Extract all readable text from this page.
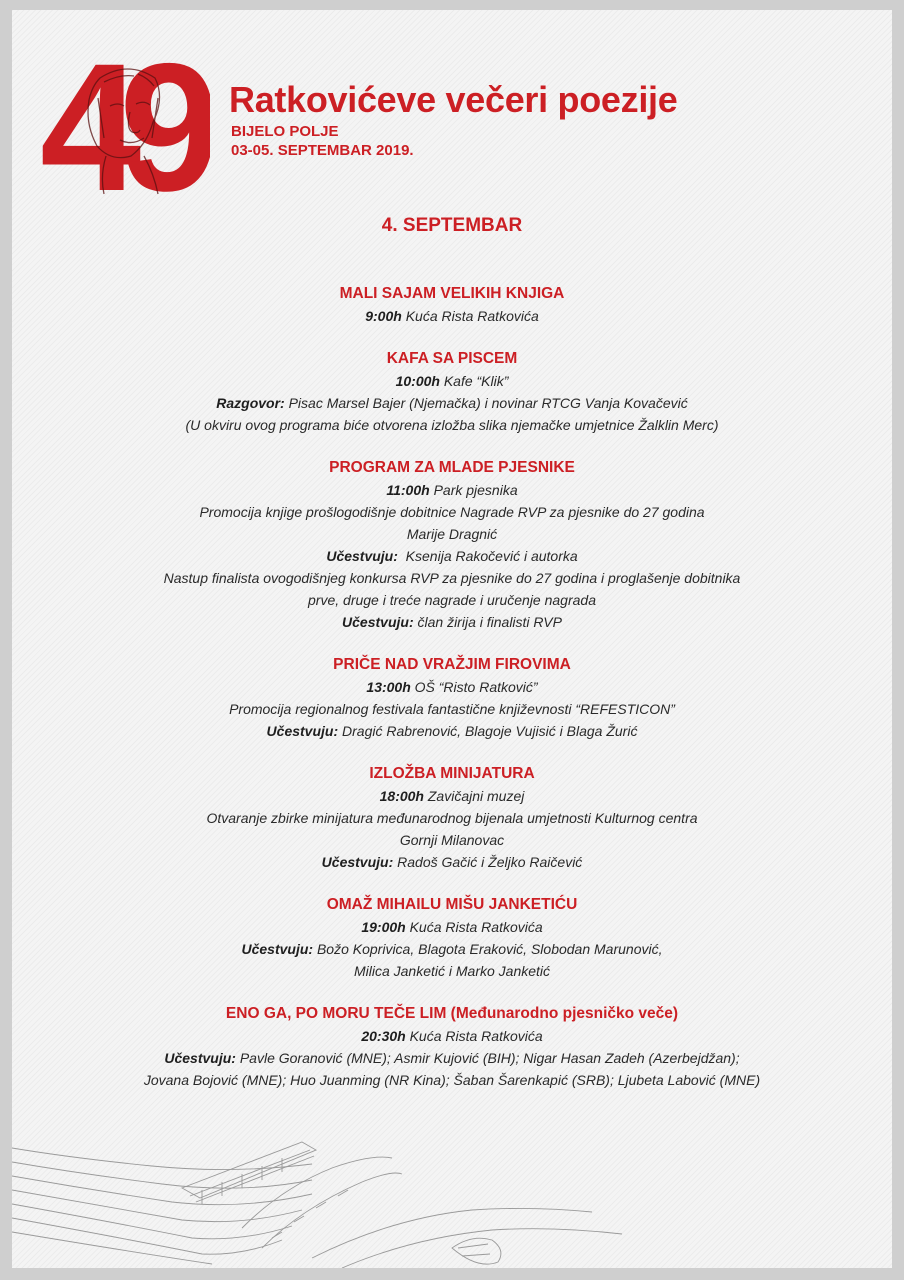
49 Ratkovićeve večeri poezije
BIJELO POLJE
03-05. SEPTEMBAR 2019.
4. SEPTEMBAR
MALI SAJAM VELIKIH KNJIGA
9:00h Kuća Rista Ratkovića
KAFA SA PISCEM
10:00h Kafe “Klik”
Razgovor: Pisac Marsel Bajer (Njemačka) i novinar RTCG Vanja Kovačević
(U okviru ovog programa biće otvorena izložba slika njemačke umjetnice Žalklin Merc)
PROGRAM ZA MLADE PJESNIKE
11:00h Park pjesnika
Promocija knjige prošlogodišnje dobitnice Nagrade RVP za pjesnike do 27 godina
Marije Dragnić
Učestvuju:  Ksenija Rakočević i autorka
Nastup finalista ovogodišnjeg konkursa RVP za pjesnike do 27 godina i proglašenje dobitnika
prve, druge i treće nagrade i uručenje nagrada
Učestvuju: član žirija i finalisti RVP
PRIČE NAD VRAŽJIM FIROVIMA
13:00h OŠ “Risto Ratković”
Promocija regionalnog festivala fantastične književnosti “REFESTICON”
Učestvuju: Dragić Rabrenović, Blagoje Vujisić i Blaga Žurić
IZLOŽBA MINIJATURA
18:00h Zavičajni muzej
Otvaranje zbirke minijatura međunarodnog bijenala umjetnosti Kulturnog centra
Gornji Milanovac
Učestvuju: Radoš Gačić i Željko Raičević
OMAŽ MIHAILU MIŠU JANKETIĆU
19:00h Kuća Rista Ratkovića
Učestvuju: Božo Koprivica, Blagota Eraković, Slobodan Marunović,
Milica Janketić i Marko Janketić
ENO GA, PO MORU TEČE LIM (Međunarodno pjesničko veče)
20:30h Kuća Rista Ratkovića
Učestvuju: Pavle Goranović (MNE); Asmir Kujović (BIH); Nigar Hasan Zadeh (Azerbejdžan);
Jovana Bojović (MNE); Huo Juanming (NR Kina); Šaban Šarenkapić (SRB); Ljubeta Labović (MNE)
